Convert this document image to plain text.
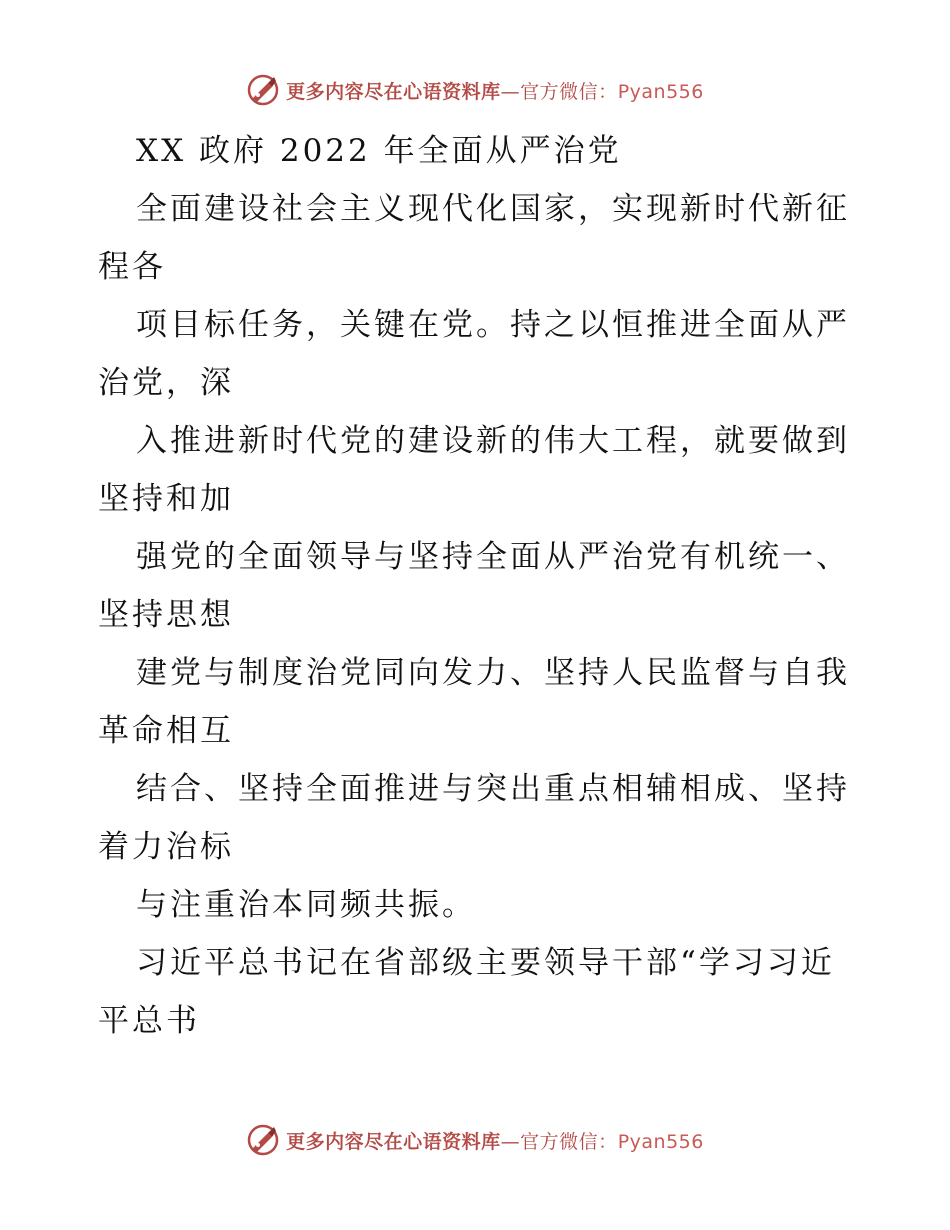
更多内容尽在心语资料库—官方微信：Pyan556
XX 政府 2022 年全面从严治党
全面建设社会主义现代化国家，实现新时代新征
程各
项目标任务，关键在党。持之以恒推进全面从严
治党，深
入推进新时代党的建设新的伟大工程，就要做到
坚持和加
强党的全面领导与坚持全面从严治党有机统一、
坚持思想
建党与制度治党同向发力、坚持人民监督与自我
革命相互
结合、坚持全面推进与突出重点相辅相成、坚持
着力治标
与注重治本同频共振。
习近平总书记在省部级主要领导干部“学习习近
平总书
更多内容尽在心语资料库—官方微信：Pyan556
